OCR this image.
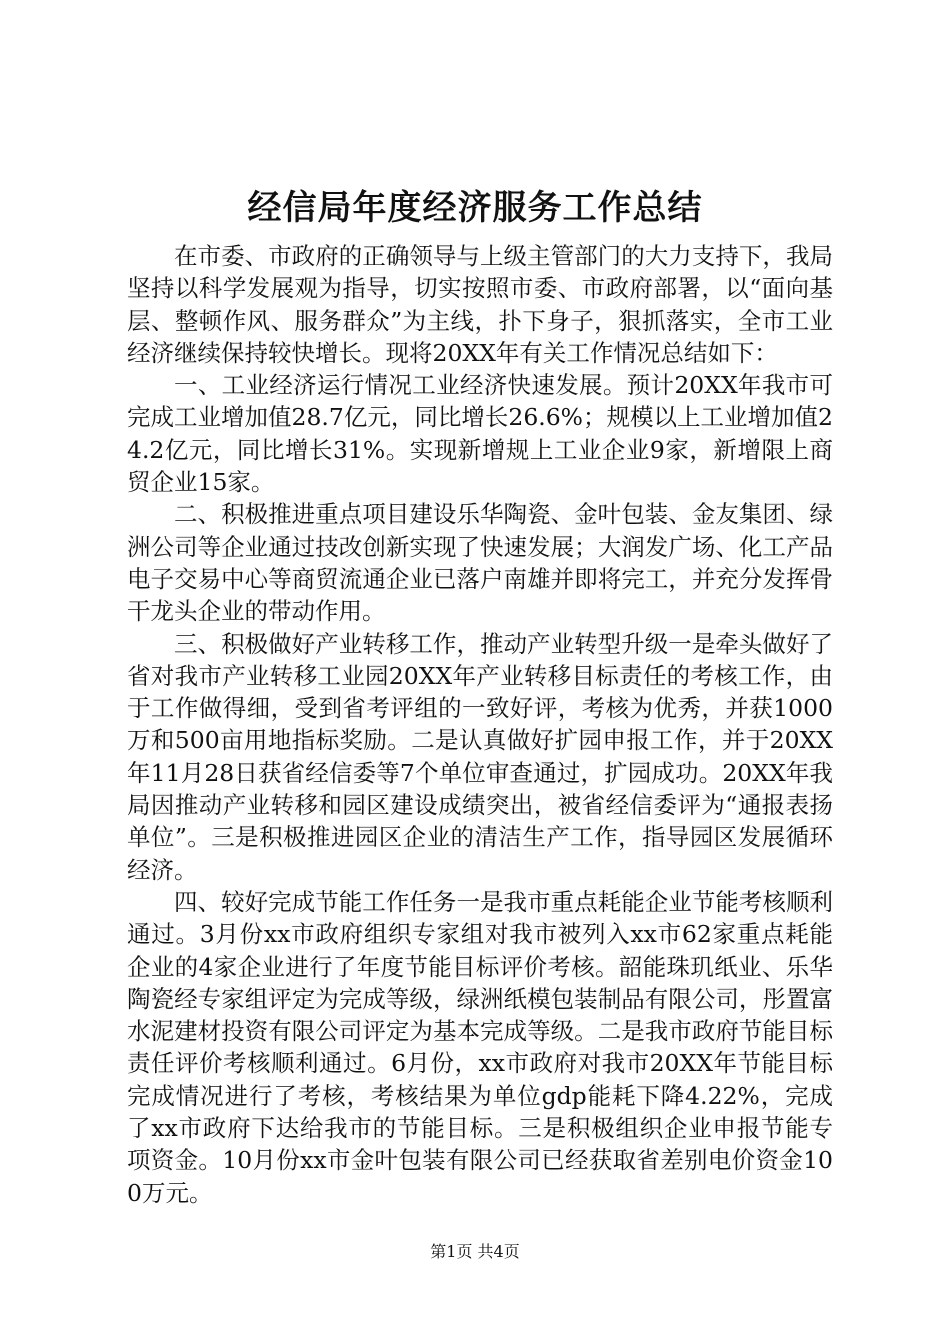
经信局年度经济服务工作总结

在市委、市政府的正确领导与上级主管部门的大力支持下，我局坚持以科学发展观为指导，切实按照市委、市政府部署，以“面向基层、整顿作风、服务群众”为主线，扑下身子，狠抓落实，全市工业经济继续保持较快增长。现将20XX年有关工作情况总结如下：

一、工业经济运行情况工业经济快速发展。预计20XX年我市可完成工业增加值28.7亿元，同比增长26.6%；规模以上工业增加值24.2亿元，同比增长31%。实现新增规上工业企业9家，新增限上商贸企业15家。

二、积极推进重点项目建设乐华陶瓷、金叶包装、金友集团、绿洲公司等企业通过技改创新实现了快速发展；大润发广场、化工产品电子交易中心等商贸流通企业已落户南雄并即将完工，并充分发挥骨干龙头企业的带动作用。

三、积极做好产业转移工作，推动产业转型升级一是牵头做好了省对我市产业转移工业园20XX年产业转移目标责任的考核工作，由于工作做得细，受到省考评组的一致好评，考核为优秀，并获1000万和500亩用地指标奖励。二是认真做好扩园申报工作，并于20XX年11月28日获省经信委等7个单位审查通过，扩园成功。20XX年我局因推动产业转移和园区建设成绩突出，被省经信委评为“通报表扬单位”。三是积极推进园区企业的清洁生产工作，指导园区发展循环经济。

四、较好完成节能工作任务一是我市重点耗能企业节能考核顺利通过。3月份xx市政府组织专家组对我市被列入xx市62家重点耗能企业的4家企业进行了年度节能目标评价考核。韶能珠玑纸业、乐华陶瓷经专家组评定为完成等级，绿洲纸模包装制品有限公司，彤置富水泥建材投资有限公司评定为基本完成等级。二是我市政府节能目标责任评价考核顺利通过。6月份，xx市政府对我市20XX年节能目标完成情况进行了考核，考核结果为单位gdp能耗下降4.22%，完成了xx市政府下达给我市的节能目标。三是积极组织企业申报节能专项资金。10月份xx市金叶包装有限公司已经获取省差别电价资金100万元。

第1页 共4页
